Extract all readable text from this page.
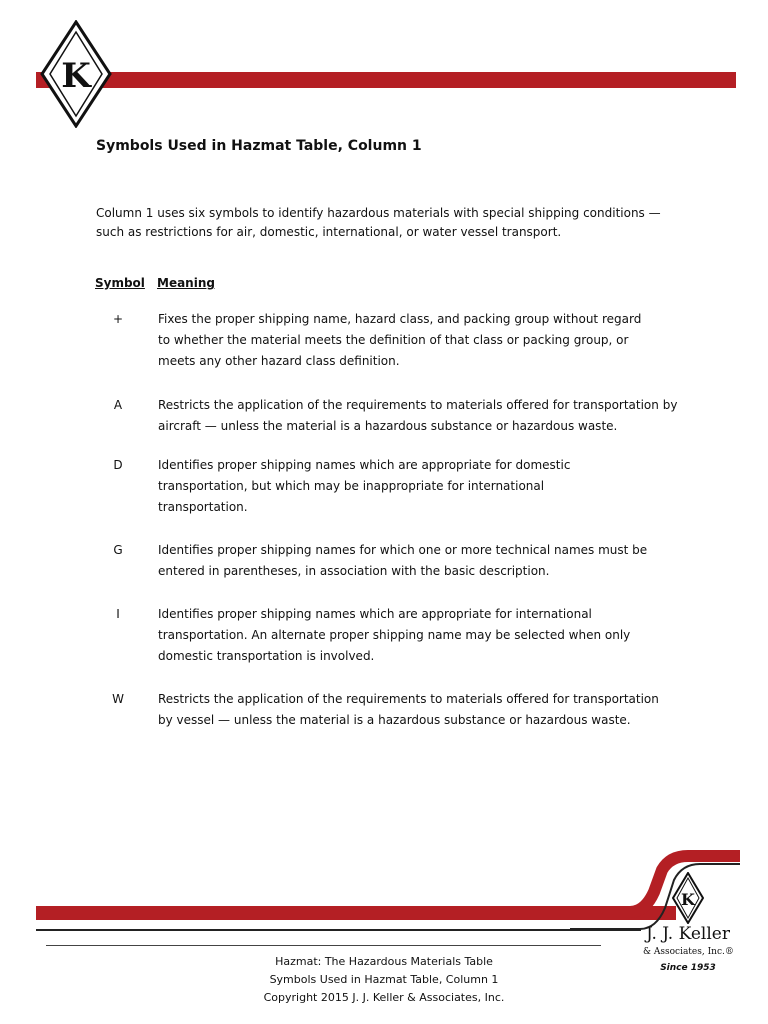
K
Symbols Used in Hazmat Table, Column 1
Column 1 uses six symbols to identify hazardous materials with special shipping conditions —
such as restrictions for air, domestic, international, or water vessel transport.
Symbol Meaning
+	Fixes the proper shipping name, hazard class, and packing group without regard
to whether the material meets the definition of that class or packing group, or
meets any other hazard class definition.
A	Restricts the application of the requirements to materials offered for transportation by
aircraft — unless the material is a hazardous substance or hazardous waste.
D	Identifies proper shipping names which are appropriate for domestic
transportation, but which may be inappropriate for international
transportation.
G	Identifies proper shipping names for which one or more technical names must be
entered in parentheses, in association with the basic description.
I	Identifies proper shipping names which are appropriate for international
transportation. An alternate proper shipping name may be selected when only
domestic transportation is involved.
W	Restricts the application of the requirements to materials offered for transportation
by vessel — unless the material is a hazardous substance or hazardous waste.
K
J. J. Keller
& Associates, Inc.®
Since 1953
Hazmat: The Hazardous Materials Table
Symbols Used in Hazmat Table, Column 1
Copyright 2015 J. J. Keller & Associates, Inc.
